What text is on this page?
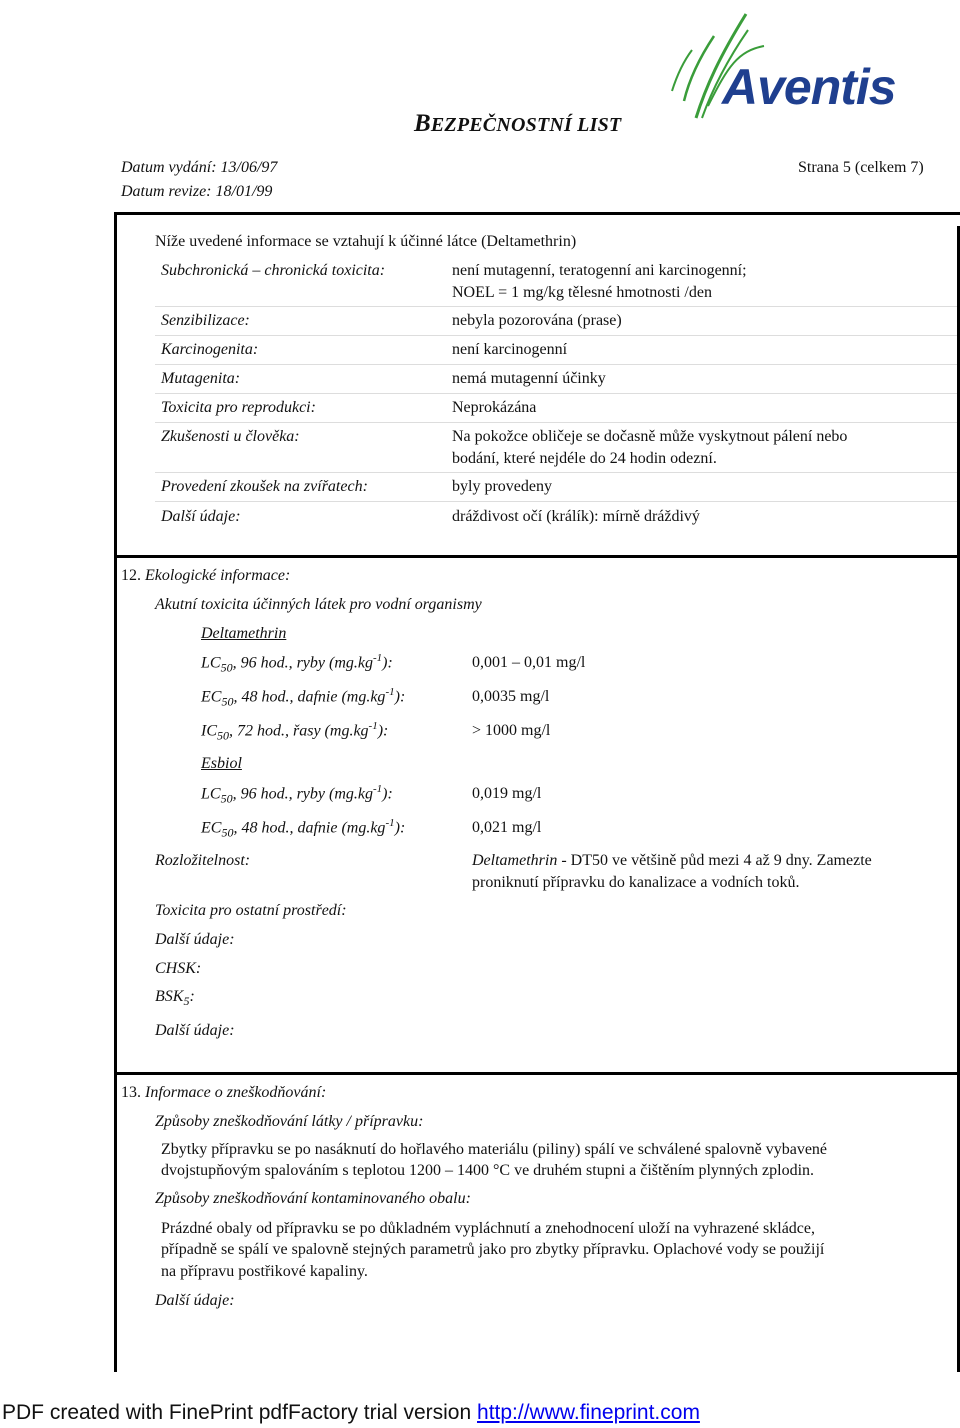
BEZPEČNOSTNÍ LIST
Aventis
Datum vydání: 13/06/97	Strana 5 (celkem 7)
Datum revize: 18/01/99
Níže uvedené informace se vztahují k účinné látce (Deltamethrin)
Subchronická – chronická toxicita:	není mutagenní, teratogenní ani karcinogenní;
NOEL = 1 mg/kg tělesné hmotnosti /den
Senzibilizace:	nebyla pozorována (prase)
Karcinogenita:	není karcinogenní
Mutagenita:	nemá mutagenní účinky
Toxicita pro reprodukci:	Neprokázána
Zkušenosti u člověka:	Na pokožce obličeje se dočasně může vyskytnout pálení nebo
bodání, které nejdéle do 24 hodin odezní.
Provedení zkoušek na zvířatech:	byly provedeny
Další údaje:	dráždivost očí (králík): mírně dráždivý
12. Ekologické informace:
Akutní toxicita účinných látek pro vodní organismy
Deltamethrin
$LC_{50}$, 96 hod., ryby $(mg.kg^{-1})$:	0,001 – 0,01 mg/l
$EC_{50}$, 48 hod., dafnie $(mg.kg^{-1})$:	0,0035 mg/l
$IC_{50}$, 72 hod., řasy $(mg.kg^{-1})$:	> 1000 mg/l
Esbiol
$LC_{50}$, 96 hod., ryby $(mg.kg^{-1})$:	0,019 mg/l
$EC_{50}$, 48 hod., dafnie $(mg.kg^{-1})$:	0,021 mg/l
Rozložitelnost:	Deltamethrin - DT50 ve většině půd mezi 4 až 9 dny. Zamezte
proniknutí přípravku do kanalizace a vodních toků.
Toxicita pro ostatní prostředí:
Další údaje:
CHSK:
$BSK_5$:
Další údaje:
13. Informace o zneškodňování:
Způsoby zneškodňování látky / přípravku:
Zbytky přípravku se po nasáknutí do hořlavého materiálu (piliny) spálí ve schválené spalovně vybavené
dvojstupňovým spalováním s teplotou 1200 – 1400 °C ve druhém stupni a čištěním plynných zplodin.
Způsoby zneškodňování kontaminovaného obalu:
Prázdné obaly od přípravku se po důkladném vypláchnutí a znehodnocení uloží na vyhrazené skládce,
případně se spálí ve spalovně stejných parametrů jako pro zbytky přípravku. Oplachové vody se použijí
na přípravu postřikové kapaliny.
Další údaje:
PDF created with FinePrint pdfFactory trial version http://www.fineprint.com
